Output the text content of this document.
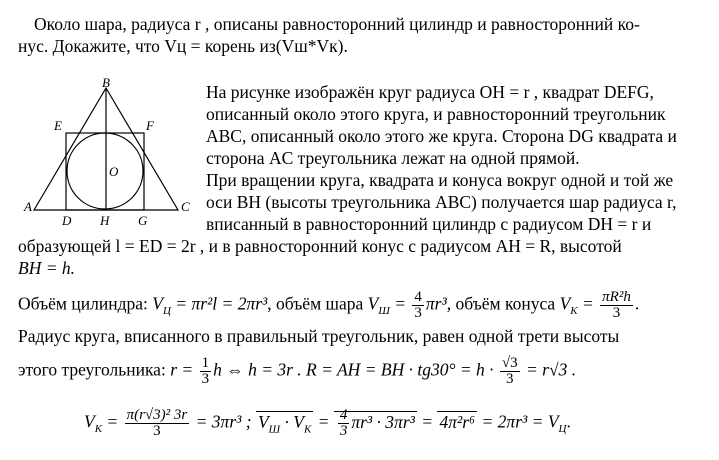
Около шара, радиуса r , описаны равносторонний цилиндр и равносторонний ко-
нус. Докажите, что Vц = корень из(Vш*Vк).
B
A	C
E	F
D H G
O
На рисунке изображён круг радиуса OH = r , квадрат DEFG,
описанный около этого круга, и равносторонний треугольник
ABC, описанный около этого же круга. Сторона DG квадрата и
сторона AC треугольника лежат на одной прямой.
При вращении круга, квадрата и конуса вокруг одной и той же
оси BH (высоты треугольника ABC) получается шар радиуса r,
вписанный в равносторонний цилиндр с радиусом DH = r и
образующей l = ED = 2r , и в равносторонний конус с радиусом AH = R, высотой
BH = h.
Объём цилиндра: $V_Ц = \pi r^2l = 2\pi r^3$, объём шара $V_Ш = \frac{4}{3} \pi r^3$, объём конуса $V_К = \frac{\text{πR²h}}{3}$ .
Радиус круга, вписанного в правильный треугольник, равен одной трети высоты
этого треугольника: $r = \frac{1}{3}$ h ⇔ h = 3r . R = AH = BH · $tg30^\circ = h \cdot \frac{√3}{3} = r√3$ .
$V_К = \frac{\text{π(r√3)² 3r}}{3} = 3\pi r^3$ ; $V_Ш \cdot V_К = \frac{4}{3} \pi r^3 \cdot 3\pi r^3 = 4\pi^2r^6 = 2\pi r^3 = V_Ц$.
